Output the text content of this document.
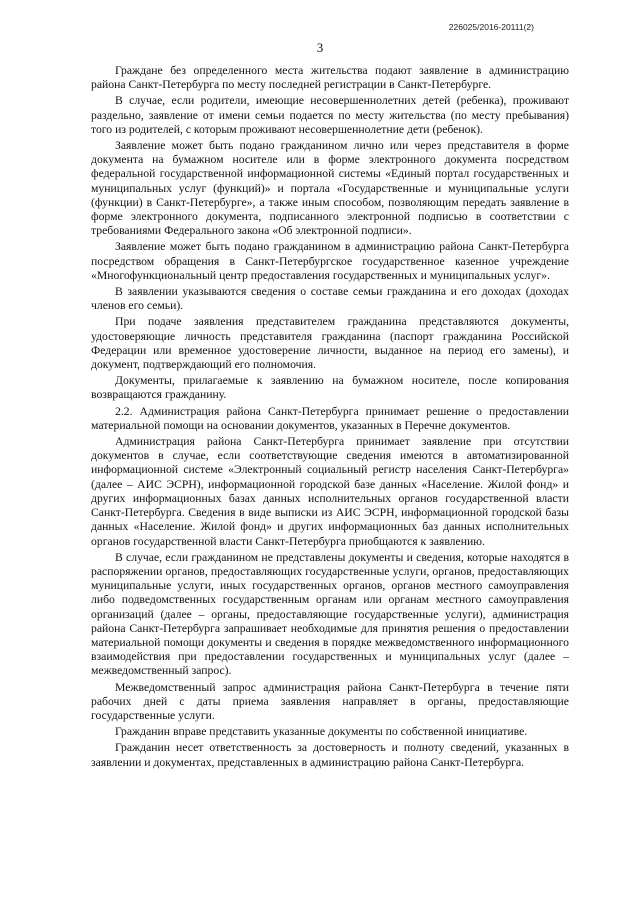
226025/2016-20111(2)
3

Граждане без определенного места жительства подают заявление в администрацию района Санкт-Петербурга по месту последней регистрации в Санкт-Петербурге.

В случае, если родители, имеющие несовершеннолетних детей (ребенка), проживают раздельно, заявление от имени семьи подается по месту жительства (по месту пребывания) того из родителей, с которым проживают несовершеннолетние дети (ребенок).

Заявление может быть подано гражданином лично или через представителя в форме документа на бумажном носителе или в форме электронного документа посредством федеральной государственной информационной системы «Единый портал государственных и муниципальных услуг (функций)» и портала «Государственные и муниципальные услуги (функции) в Санкт-Петербурге», а также иным способом, позволяющим передать заявление в форме электронного документа, подписанного электронной подписью в соответствии с требованиями Федерального закона «Об электронной подписи».

Заявление может быть подано гражданином в администрацию района Санкт-Петербурга посредством обращения в Санкт-Петербургское государственное казенное учреждение «Многофункциональный центр предоставления государственных и муниципальных услуг».

В заявлении указываются сведения о составе семьи гражданина и его доходах (доходах членов его семьи).

При подаче заявления представителем гражданина представляются документы, удостоверяющие личность представителя гражданина (паспорт гражданина Российской Федерации или временное удостоверение личности, выданное на период его замены), и документ, подтверждающий его полномочия.

Документы, прилагаемые к заявлению на бумажном носителе, после копирования возвращаются гражданину.

2.2. Администрация района Санкт-Петербурга принимает решение о предоставлении материальной помощи на основании документов, указанных в Перечне документов.

Администрация района Санкт-Петербурга принимает заявление при отсутствии документов в случае, если соответствующие сведения имеются в автоматизированной информационной системе «Электронный социальный регистр населения Санкт-Петербурга» (далее – АИС ЭСРН), информационной городской базе данных «Население. Жилой фонд» и других информационных базах данных исполнительных органов государственной власти Санкт-Петербурга. Сведения в виде выписки из АИС ЭСРН, информационной городской базы данных «Население. Жилой фонд» и других информационных баз данных исполнительных органов государственной власти Санкт-Петербурга приобщаются к заявлению.

В случае, если гражданином не представлены документы и сведения, которые находятся в распоряжении органов, предоставляющих государственные услуги, органов, предоставляющих муниципальные услуги, иных государственных органов, органов местного самоуправления либо подведомственных государственным органам или органам местного самоуправления организаций (далее – органы, предоставляющие государственные услуги), администрация района Санкт-Петербурга запрашивает необходимые для принятия решения о предоставлении материальной помощи документы и сведения в порядке межведомственного информационного взаимодействия при предоставлении государственных и муниципальных услуг (далее – межведомственный запрос).

Межведомственный запрос администрация района Санкт-Петербурга в течение пяти рабочих дней с даты приема заявления направляет в органы, предоставляющие государственные услуги.

Гражданин вправе представить указанные документы по собственной инициативе.

Гражданин несет ответственность за достоверность и полноту сведений, указанных в заявлении и документах, представленных в администрацию района Санкт-Петербурга.
